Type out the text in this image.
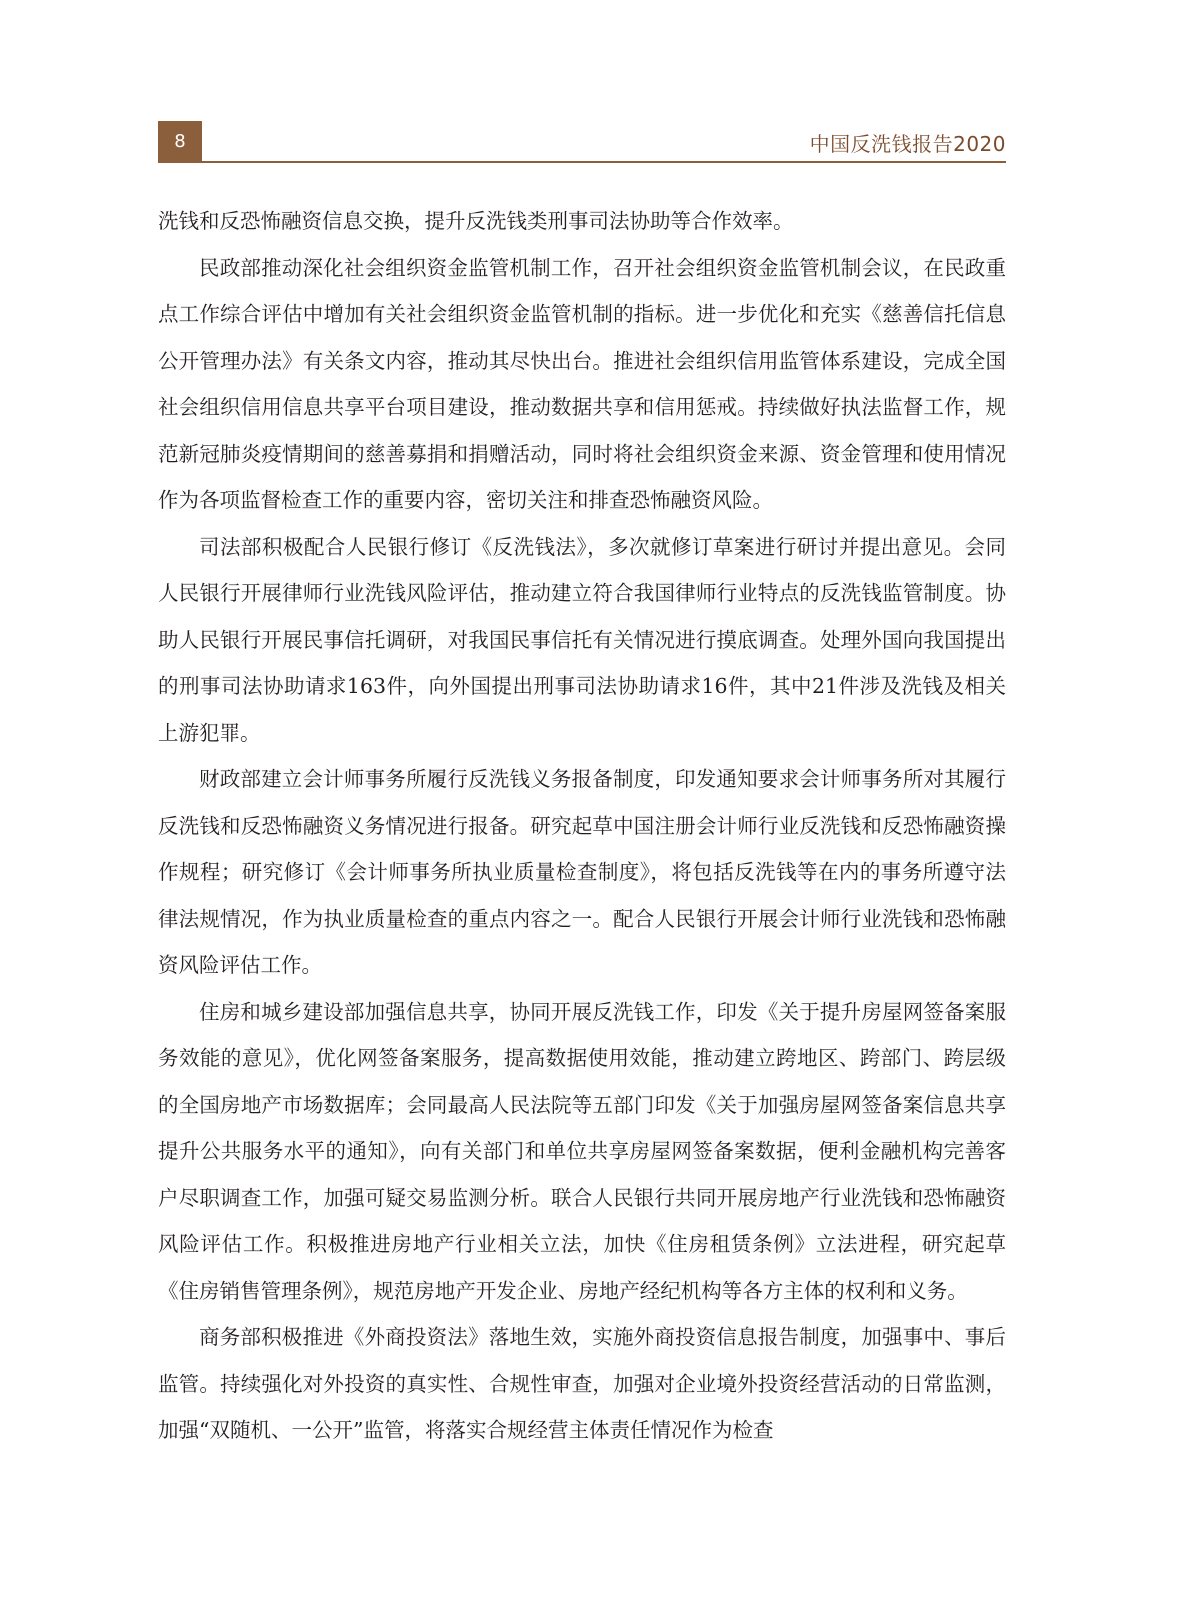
8	中国反洗钱报告2020

洗钱和反恐怖融资信息交换，提升反洗钱类刑事司法协助等合作效率。

民政部推动深化社会组织资金监管机制工作，召开社会组织资金监管机制会议，在民政重点工作综合评估中增加有关社会组织资金监管机制的指标。进一步优化和充实《慈善信托信息公开管理办法》有关条文内容，推动其尽快出台。推进社会组织信用监管体系建设，完成全国社会组织信用信息共享平台项目建设，推动数据共享和信用惩戒。持续做好执法监督工作，规范新冠肺炎疫情期间的慈善募捐和捐赠活动，同时将社会组织资金来源、资金管理和使用情况作为各项监督检查工作的重要内容，密切关注和排查恐怖融资风险。

司法部积极配合人民银行修订《反洗钱法》，多次就修订草案进行研讨并提出意见。会同人民银行开展律师行业洗钱风险评估，推动建立符合我国律师行业特点的反洗钱监管制度。协助人民银行开展民事信托调研，对我国民事信托有关情况进行摸底调查。处理外国向我国提出的刑事司法协助请求163件，向外国提出刑事司法协助请求16件，其中21件涉及洗钱及相关上游犯罪。

财政部建立会计师事务所履行反洗钱义务报备制度，印发通知要求会计师事务所对其履行反洗钱和反恐怖融资义务情况进行报备。研究起草中国注册会计师行业反洗钱和反恐怖融资操作规程；研究修订《会计师事务所执业质量检查制度》，将包括反洗钱等在内的事务所遵守法律法规情况，作为执业质量检查的重点内容之一。配合人民银行开展会计师行业洗钱和恐怖融资风险评估工作。

住房和城乡建设部加强信息共享，协同开展反洗钱工作，印发《关于提升房屋网签备案服务效能的意见》，优化网签备案服务，提高数据使用效能，推动建立跨地区、跨部门、跨层级的全国房地产市场数据库；会同最高人民法院等五部门印发《关于加强房屋网签备案信息共享提升公共服务水平的通知》，向有关部门和单位共享房屋网签备案数据，便利金融机构完善客户尽职调查工作，加强可疑交易监测分析。联合人民银行共同开展房地产行业洗钱和恐怖融资风险评估工作。积极推进房地产行业相关立法，加快《住房租赁条例》立法进程，研究起草《住房销售管理条例》，规范房地产开发企业、房地产经纪机构等各方主体的权利和义务。

商务部积极推进《外商投资法》落地生效，实施外商投资信息报告制度，加强事中、事后监管。持续强化对外投资的真实性、合规性审查，加强对企业境外投资经营活动的日常监测，加强“双随机、一公开”监管，将落实合规经营主体责任情况作为检查
